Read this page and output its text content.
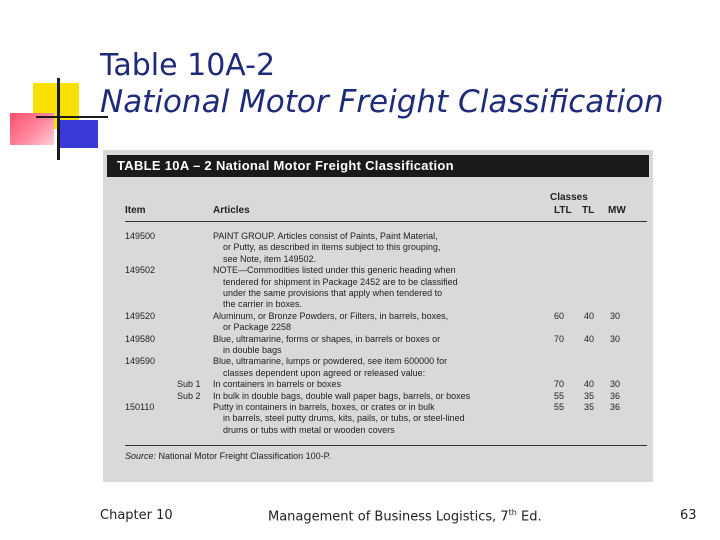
Table 10A-2
National Motor Freight Classification
TABLE 10A – 2 National Motor Freight Classification
Classes
Item	Articles	LTL TL MW
149500	PAINT GROUP. Articles consist of Paints, Paint Material,
or Putty, as described in items subject to this grouping,
see Note, item 149502.
149502	NOTE—Commodities listed under this generic heading when
tendered for shipment in Package 2452 are to be classified
under the same provisions that apply when tendered to
the carrier in boxes.
149520	Aluminum, or Bronze Powders, or Filters, in barrels, boxes,	60 40 30
or Package 2258
149580	Blue, ultramarine, forms or shapes, in barrels or boxes or	70 40 30
in double bags
149590	Blue, ultramarine, lumps or powdered, see item 600000 for
classes dependent upon agreed or released value:
Sub 1 In containers in barrels or boxes	70 40 30
Sub 2 In bulk in double bags, double wall paper bags, barrels, or boxes	55 35 36
150110	Putty in containers in barrels, boxes, or crates or in bulk	55 35 36
in barrels, steel putty drums, kits, pails, or tubs, or steel-lined
drums or tubs with metal or wooden covers
Source: National Motor Freight Classification 100-P.
Chapter 10	Management of Business Logistics, 7th Ed.	63
